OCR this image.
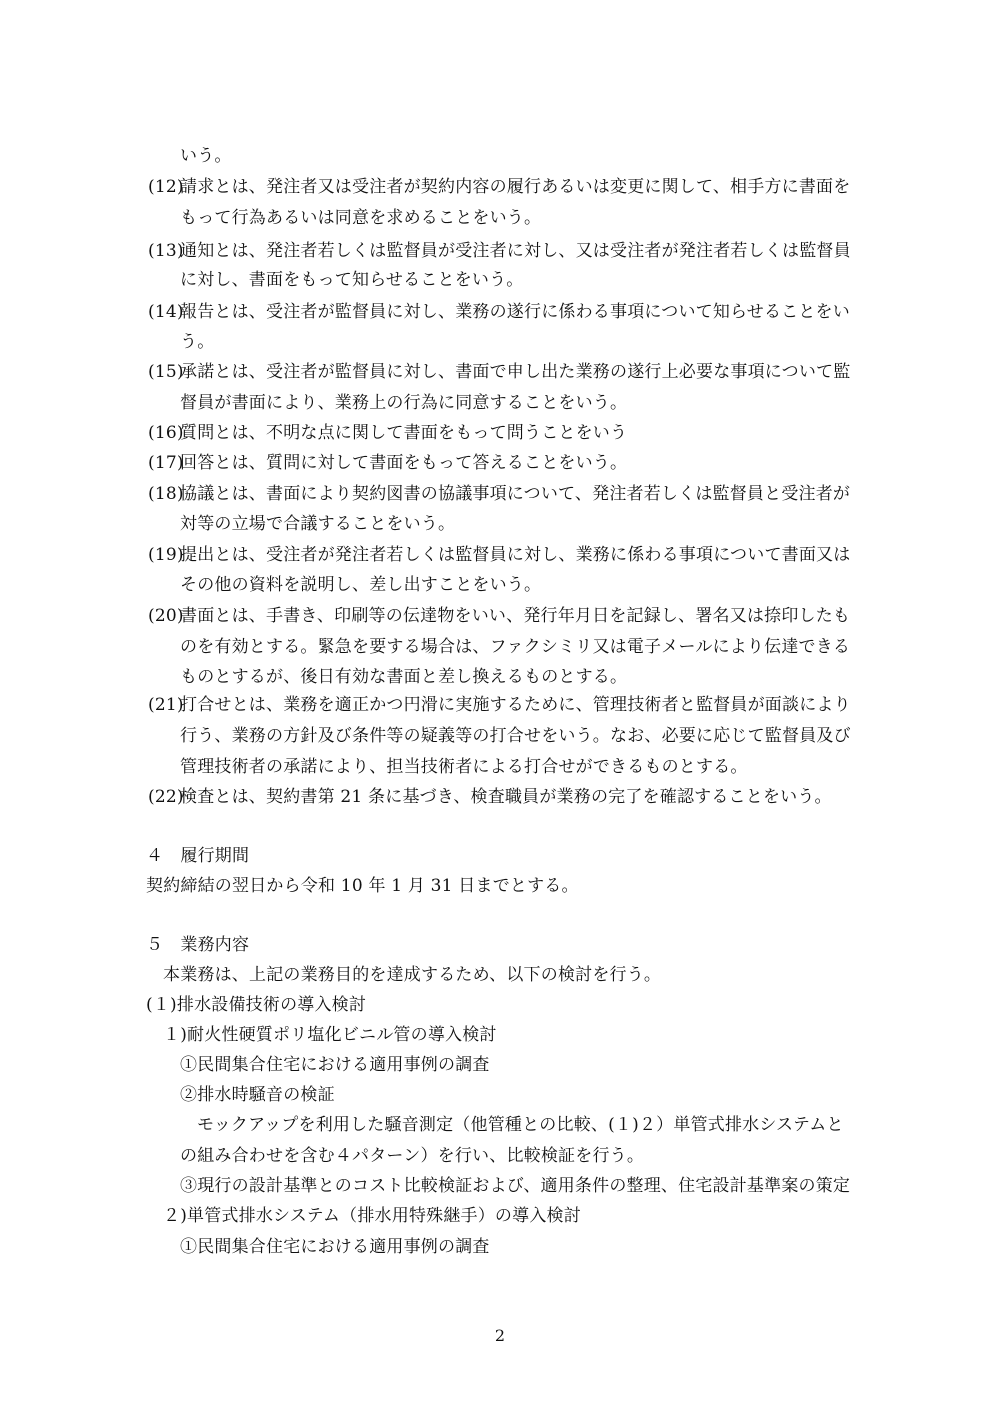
いう。
(12)請求とは、発注者又は受注者が契約内容の履行あるいは変更に関して、相手方に書面を
もって行為あるいは同意を求めることをいう。
(13)通知とは、発注者若しくは監督員が受注者に対し、又は受注者が発注者若しくは監督員
に対し、書面をもって知らせることをいう。
(14)報告とは、受注者が監督員に対し、業務の遂行に係わる事項について知らせることをい
う。
(15)承諾とは、受注者が監督員に対し、書面で申し出た業務の遂行上必要な事項について監
督員が書面により、業務上の行為に同意することをいう。
(16)質問とは、不明な点に関して書面をもって問うことをいう
(17)回答とは、質問に対して書面をもって答えることをいう。
(18)協議とは、書面により契約図書の協議事項について、発注者若しくは監督員と受注者が
対等の立場で合議することをいう。
(19)提出とは、受注者が発注者若しくは監督員に対し、業務に係わる事項について書面又は
その他の資料を説明し、差し出すことをいう。
(20)書面とは、手書き、印刷等の伝達物をいい、発行年月日を記録し、署名又は捺印したも
のを有効とする。緊急を要する場合は、ファクシミリ又は電子メールにより伝達できる
ものとするが、後日有効な書面と差し換えるものとする。
(21)打合せとは、業務を適正かつ円滑に実施するために、管理技術者と監督員が面談により
行う、業務の方針及び条件等の疑義等の打合せをいう。なお、必要に応じて監督員及び
管理技術者の承諾により、担当技術者による打合せができるものとする。
(22)検査とは、契約書第 21 条に基づき、検査職員が業務の完了を確認することをいう。
４　履行期間
契約締結の翌日から令和 10 年 1 月 31 日までとする。
５　業務内容
本業務は、上記の業務目的を達成するため、以下の検討を行う。
(１)排水設備技術の導入検討
１)耐火性硬質ポリ塩化ビニル管の導入検討
①民間集合住宅における適用事例の調査
②排水時騒音の検証
モックアップを利用した騒音測定（他管種との比較、(１)２）単管式排水システムと
の組み合わせを含む４パターン）を行い、比較検証を行う。
③現行の設計基準とのコスト比較検証および、適用条件の整理、住宅設計基準案の策定
２)単管式排水システム（排水用特殊継手）の導入検討
①民間集合住宅における適用事例の調査
2
